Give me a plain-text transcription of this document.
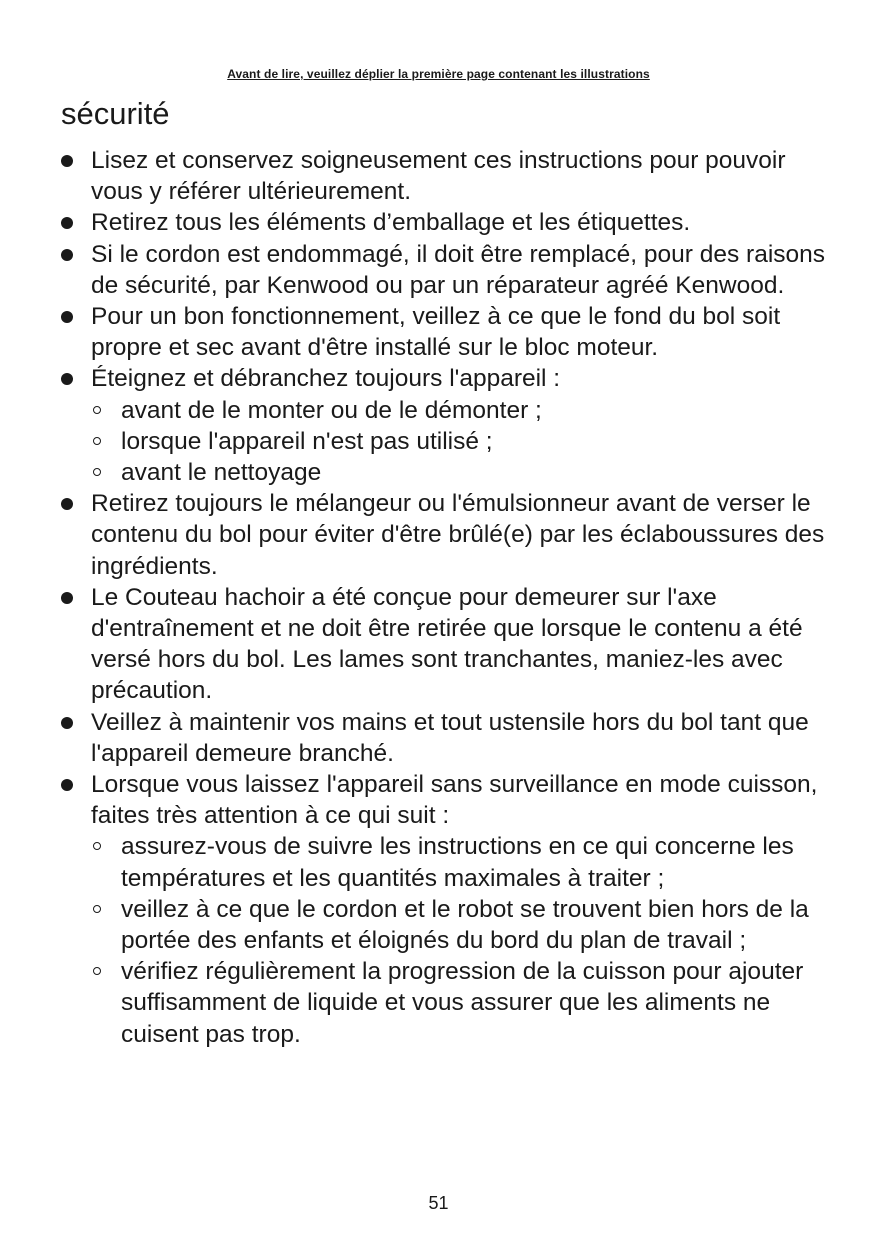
Avant de lire, veuillez déplier la première page contenant les illustrations
sécurité
Lisez et conservez soigneusement ces instructions pour pouvoir vous y référer ultérieurement.
Retirez tous les éléments d’emballage et les étiquettes.
Si le cordon est endommagé, il doit être remplacé, pour des raisons de sécurité, par Kenwood ou par un réparateur agréé Kenwood.
Pour un bon fonctionnement, veillez à ce que le fond du bol soit propre et sec avant d'être installé sur le bloc moteur.
Éteignez et débranchez toujours l'appareil :
avant de le monter ou de le démonter ;
lorsque l'appareil n'est pas utilisé ;
avant le nettoyage
Retirez toujours le mélangeur ou l'émulsionneur avant de verser le contenu du bol pour éviter d'être brûlé(e) par les éclaboussures des ingrédients.
Le Couteau hachoir a été conçue pour demeurer sur l'axe d'entraînement et ne doit être retirée que lorsque le contenu a été versé hors du bol. Les lames sont tranchantes, maniez-les avec précaution.
Veillez à maintenir vos mains et tout ustensile hors du bol tant que l'appareil demeure branché.
Lorsque vous laissez l'appareil sans surveillance en mode cuisson, faites très attention à ce qui suit :
assurez-vous de suivre les instructions en ce qui concerne les températures et les quantités maximales à traiter ;
veillez à ce que le cordon et le robot se trouvent bien hors de la portée des enfants et éloignés du bord du plan de travail ;
vérifiez régulièrement la progression de la cuisson pour ajouter suffisamment de liquide et vous assurer que les aliments ne cuisent pas trop.
51
